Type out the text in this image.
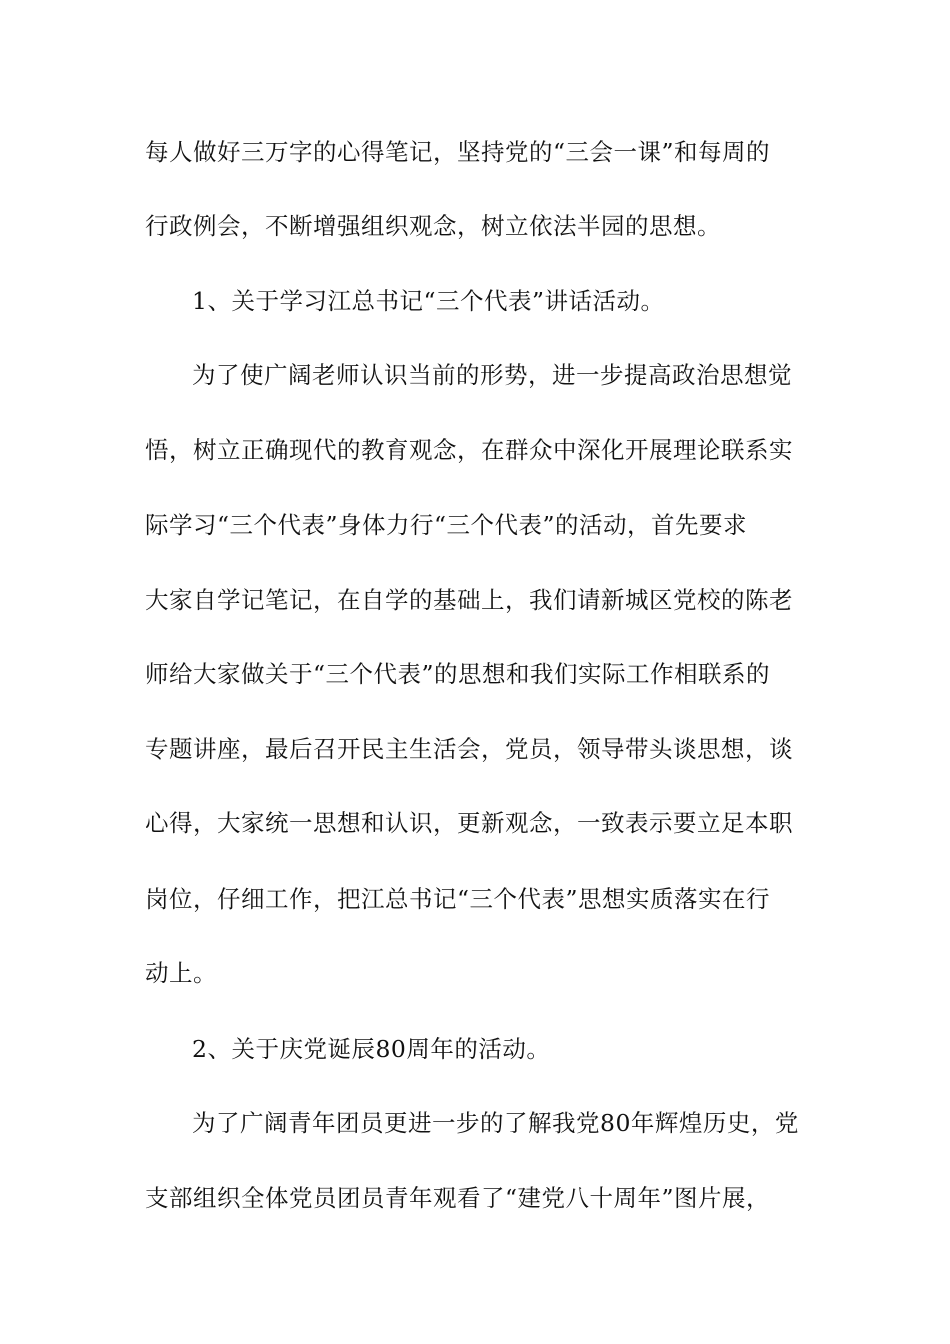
每人做好三万字的心得笔记，坚持党的“三会一课”和每周的
行政例会，不断增强组织观念，树立依法半园的思想。
1、关于学习江总书记“三个代表”讲话活动。
为了使广阔老师认识当前的形势，进一步提高政治思想觉
悟，树立正确现代的教育观念，在群众中深化开展理论联系实
际学习“三个代表”身体力行“三个代表”的活动，首先要求
大家自学记笔记，在自学的基础上，我们请新城区党校的陈老
师给大家做关于“三个代表”的思想和我们实际工作相联系的
专题讲座，最后召开民主生活会，党员，领导带头谈思想，谈
心得，大家统一思想和认识，更新观念，一致表示要立足本职
岗位，仔细工作，把江总书记“三个代表”思想实质落实在行
动上。
2、关于庆党诞辰80周年的活动。
为了广阔青年团员更进一步的了解我党80年辉煌历史，党
支部组织全体党员团员青年观看了“建党八十周年”图片展，
